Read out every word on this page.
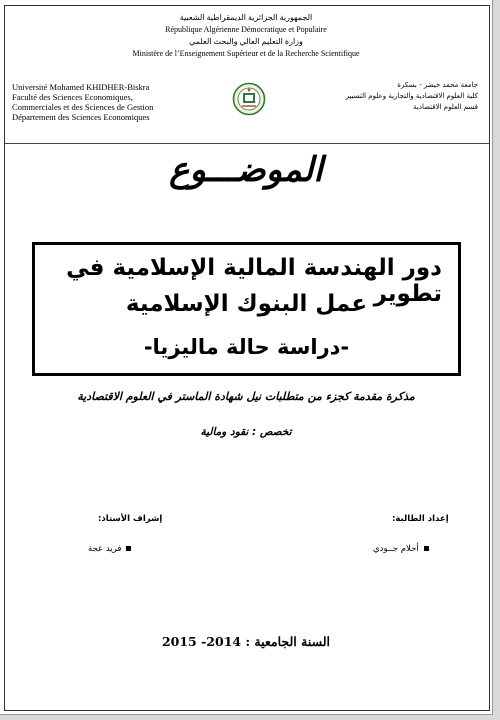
الجمهورية الجزائرية الديمقراطية الشعبية
République Algérienne Démocratique et Populaire
وزارة التعليم العالي والبحث العلمي
Ministère de l’Enseignement Supérieur et de la Recherche Scientifique
Université Mohamed KHIDHER-Biskra
Faculté des Sciences Economiques,
Commerciales et des Sciences de Gestion
Département des Sciences Economiques
جامعة محمد خيضر - بسكرة
كلية العلوم الاقتصادية والتجارية وعلوم التسيير
قسم العلوم الاقتصادية
الموضـــوع
دور الهندسة المالية الإسلامية في تطوير
عمل البنوك الإسلامية
-دراسة حالة ماليزيا-
مذكرة مقدمة كجزء من متطلبات نيل شهادة الماستر في العلوم الاقتصادية
تخصص : نقود ومالية
إشراف الأستاذ:
فريد عجة
إعداد الطالبة:
أحلام جــودي
السنة الجامعية : 2014- 2015
